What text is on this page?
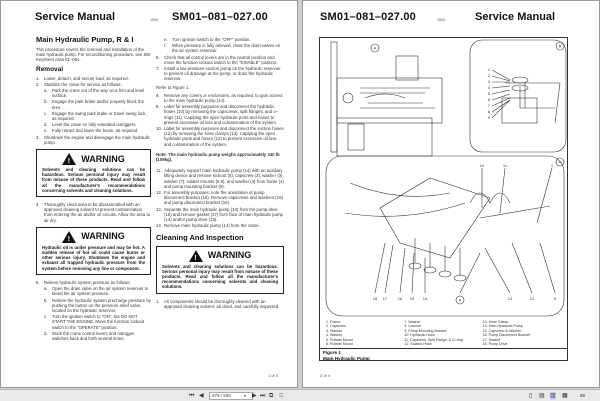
Service Manual	1004 SM01–081–027.00
Main Hydraulic Pump, R & I

This procedure covers the removal and installation of the main hydraulic pump. For reconditioning procedure, see SM Keysheet Area 01–081.

Removal
1.	Lower, detach, and secure load, as required.
2.	Stabilize the crane for service as follows:
a.	Park the crane out of the way on a firm and level surface.
b.	Engage the park brake and/or properly block the tires.
c.	Engage the swing park brake or travel swing lock, as required.
d.	Level the crane on fully extended outriggers.
e.	Fully retract and lower the boom, as required.
3.	Shutdown the engine and disengage the main hydraulic pump.
!
WARNING
Solvents and cleaning solutions can be hazardous. Serious personal injury may result from misuse of these products. Read and follow all the manufacturer's recommendations concerning solvents and cleaning solutions.
4.	Thoroughly clean area to be disassembled with an approved cleaning solvent to prevent contamination from entering the air and/or oil circuits. Allow the area to air dry.
!
WARNING
Hydraulic oil is under pressure and may be hot. A sudden release of hot oil could cause burns or other serious injury. Shutdown the engine and exhaust all trapped hydraulic pressure from the system before removing any line or component.
5.	Relieve hydraulic system pressure as follows:
a.	Open the drain valve on the air system reservoir to bleed the air system pressure.
b.	Relieve the hydraulic system precharge pressure by pushing the button on the pressure relief valve, located on the hydraulic reservoir.
c.	Turn the ignition switch to "ON", but DO NOT START THE ENGINE. Move the function lockout switch to the "OPERATE" position.
d.	Work the crane control levers and outrigger switches back and forth several times.
e.	Turn ignition switch to the "OFF" position.
f.	When pressure is fully relieved, close the drain valves on the air system reservoir.
6.	Check that all control levers are in the neutral position and move the function lockout switch to the "DISABLE" position.
7.	Install a low pressure suction pump on the hydraulic reservoir to prevent oil drainage at the pump, or drain the hydraulic reservoir.

Refer to Figure 1.

8.	Remove any covers or enclosures, as required, to gain access to the main hydraulic pump (14).
9.	Label for assembly purposes and disconnect the hydraulic hoses (10) by removing the capscrews, split flanges, and o–rings (11). Cap/plug the open hydraulic ports and hoses to prevent excessive oil loss and contamination of the system.
10. Label for assembly purposes and disconnect the suction hoses (12) by removing the hose clamps (13). Cap/plug the open hydraulic ports and hoses (12) to prevent excessive oil loss and contamination of the system.
Note: The main hydraulic pump weighs approximately 240 lb (109kg).
11. Adequately support main hydraulic pump (14) with an auxiliary lifting device and remove lockout (8), capscrew (2), washer (3), washer (7), rubber mounts (5,6), and washer (4) from frame (1) and pump mounting bracket (9).
12. For assembly purposes, note the orientation of pump disconnect bracket (16). Remove capscrews and washers (15) and pump disconnect bracket (16).
13. Separate the main hydraulic pump (14) from the pump drive (18) and remove gasket (17) from face of main hydraulic pump (14) and/or pump drive (18).
14. Remove main hydraulic pump (14) from the crane.
Cleaning And Inspection
!
WARNING
Solvents and cleaning solutions can be hazardous. Serious personal injury may result from misuse of these products. Read and follow all the manufacturer's recommendations concerning solvents and cleaning solutions.
1.	All components should be thoroughly cleaned with an approved cleaning solvent, air dried, and carefully inspected.
1 of 4
SM01–081–027.00	1004	Service Manual
A	B
A
1
2
3
4
5
6
7
8
9
10	11	1
18 17	16 15 14	B	13	12	9
1. Frame
2. Capscrew
3. Washer
4. Washer
5. Rubber Mount
6. Rubber Mount
7. Washer
8. Lockout
9. Pump Mounting Bracket
10. Hydraulic Hose
11. Capscrew, Split Flange, & O–ring
12. Suction Hose
13. Hose Clamp
14. Main Hydraulic Pump
15. Capscrew & Washer
16. Pump Disconnect Bracket
17. Gasket
18. Pump Drive
Figure 1
Main Hydraulic Pump
2 of 4
⏮ ◀	579 / 938	▾ ▶ ⏭ ⧉ ⧉	▯ ▤ ▥ ▦	89
